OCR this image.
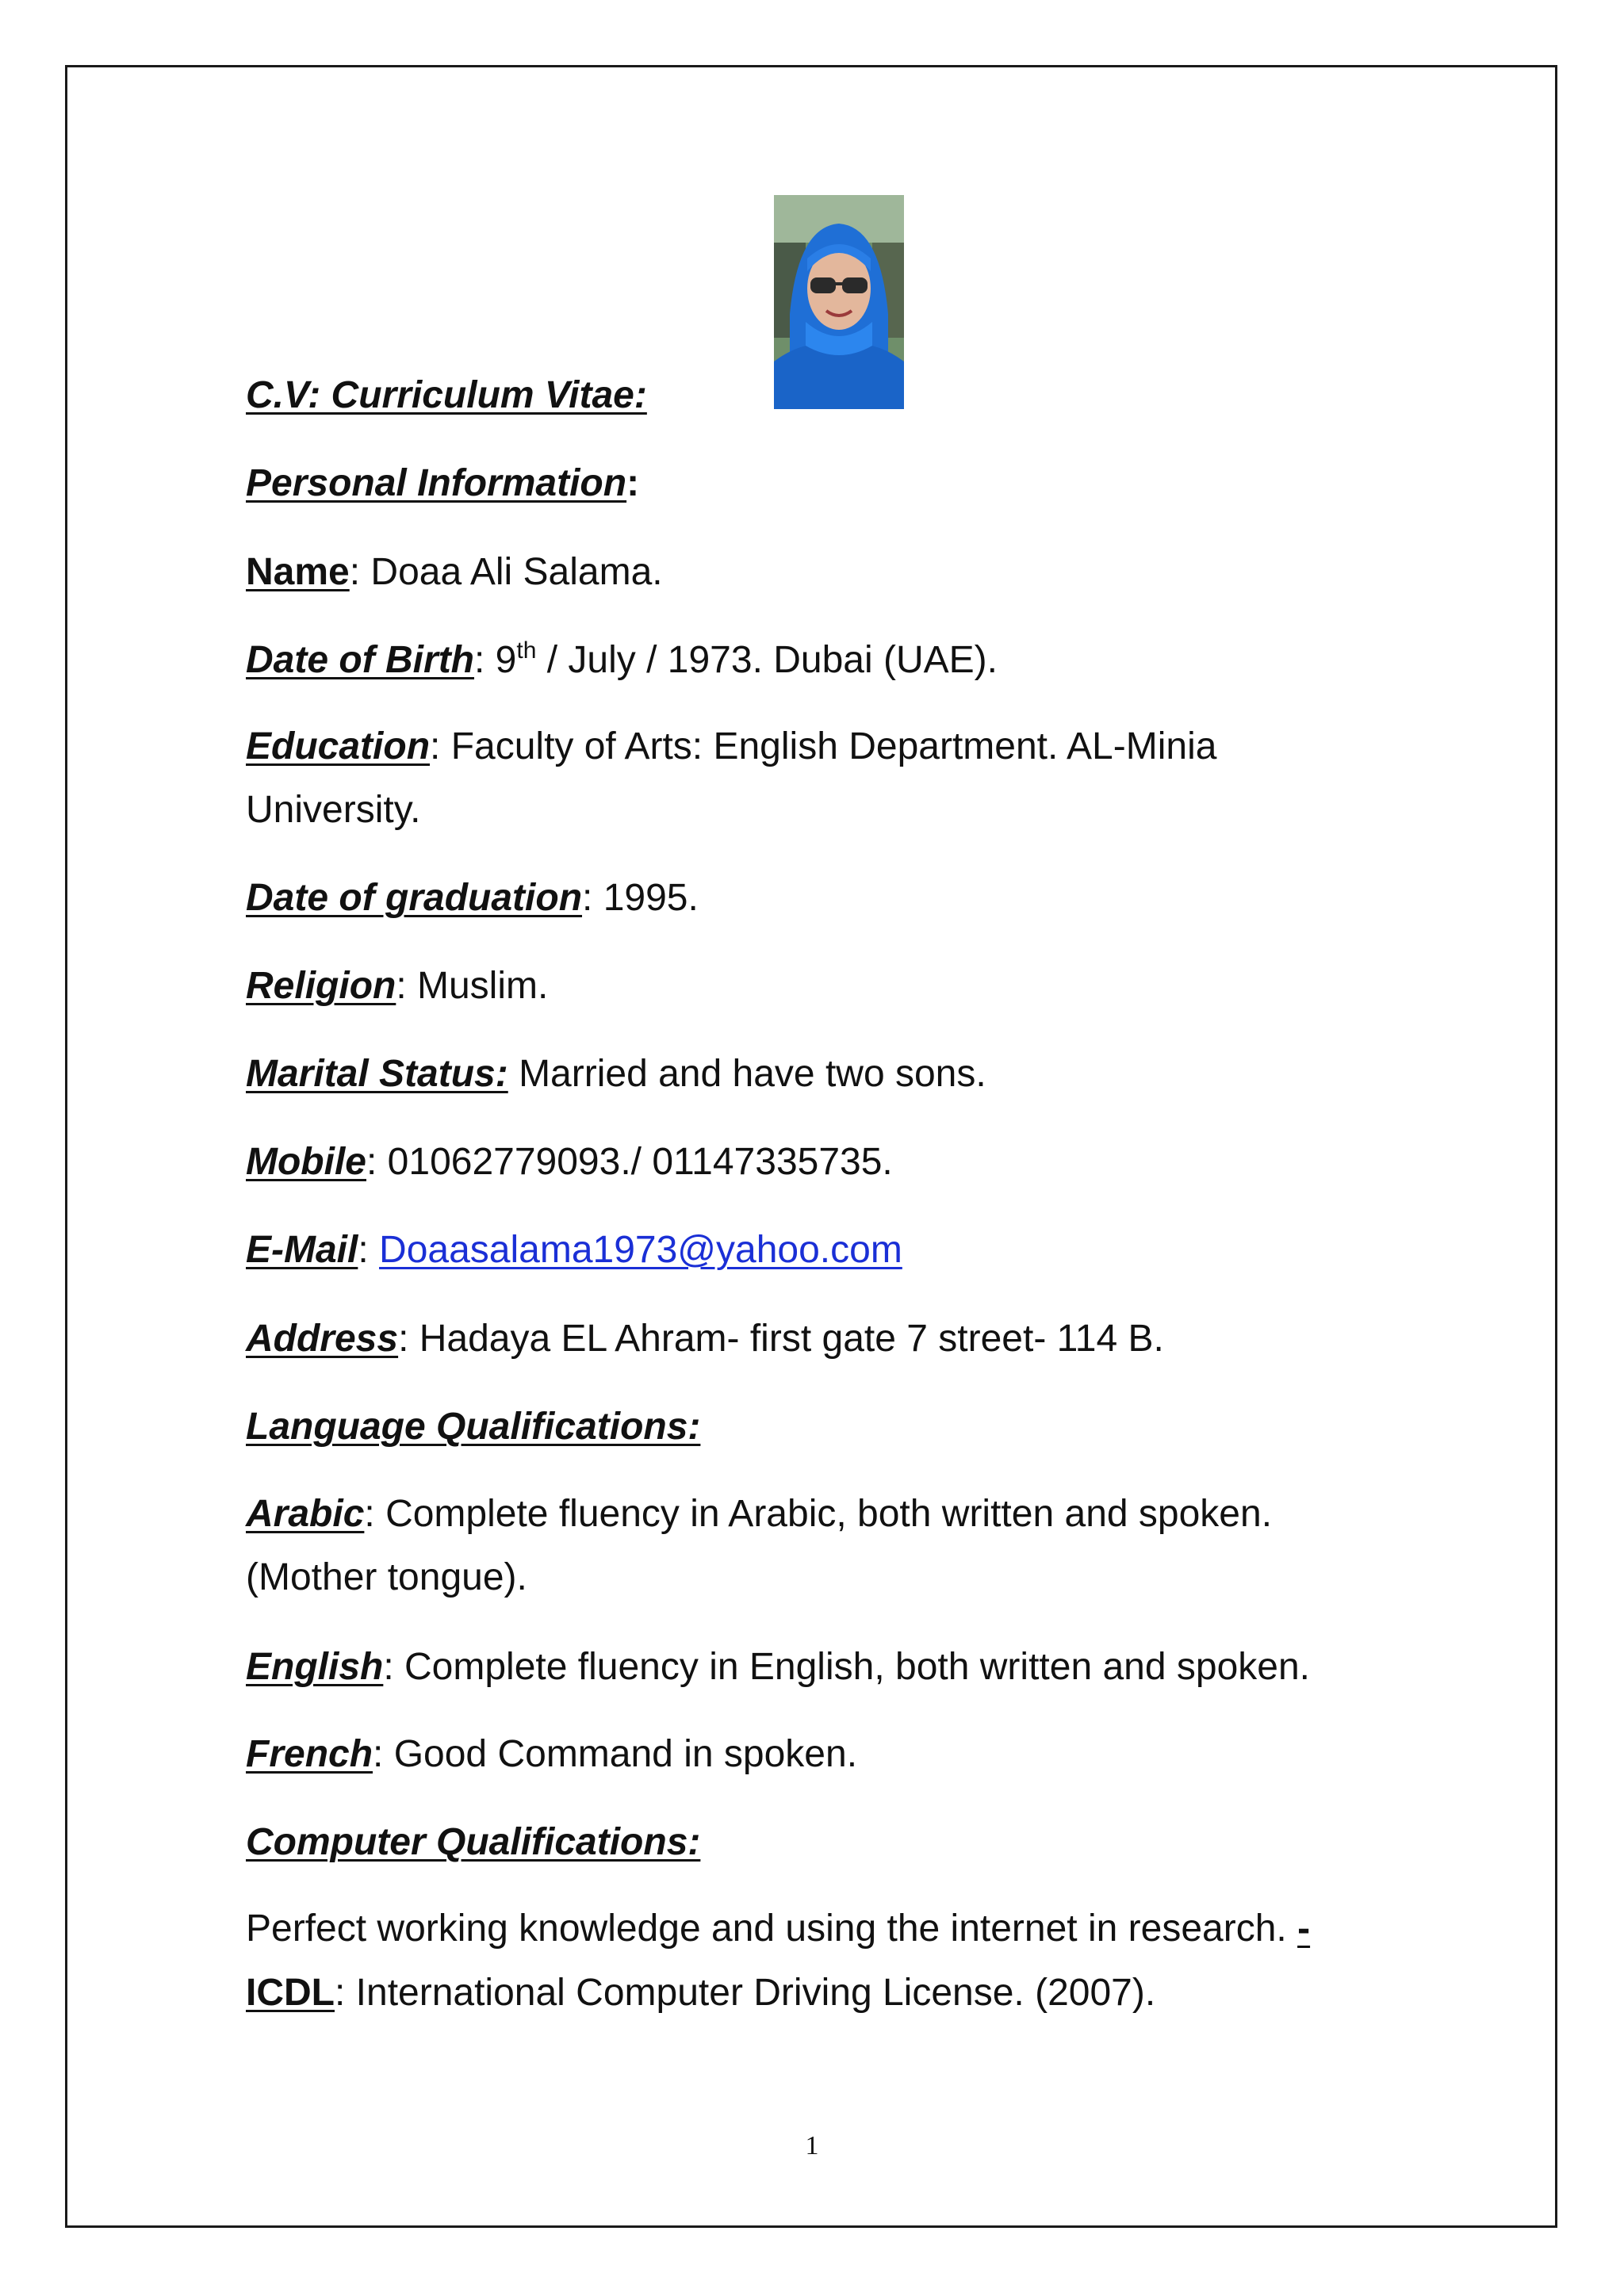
C.V: Curriculum Vitae:
Personal Information:
Name: Doaa Ali Salama.
Date of Birth: 9th / July / 1973. Dubai (UAE).
Education: Faculty of Arts: English Department. AL-Minia
University.
Date of graduation: 1995.
Religion: Muslim.
Marital Status: Married and have two sons.
Mobile: 01062779093./ 01147335735.
E-Mail: Doaasalama1973@yahoo.com
Address: Hadaya EL Ahram- first gate 7 street- 114 B.
Language Qualifications:
Arabic: Complete fluency in Arabic, both written and spoken.
(Mother tongue).
English: Complete fluency in English, both written and spoken.
French: Good Command in spoken.
Computer Qualifications:
Perfect working knowledge and using the internet in research. -
ICDL: International Computer Driving License. (2007).
1
